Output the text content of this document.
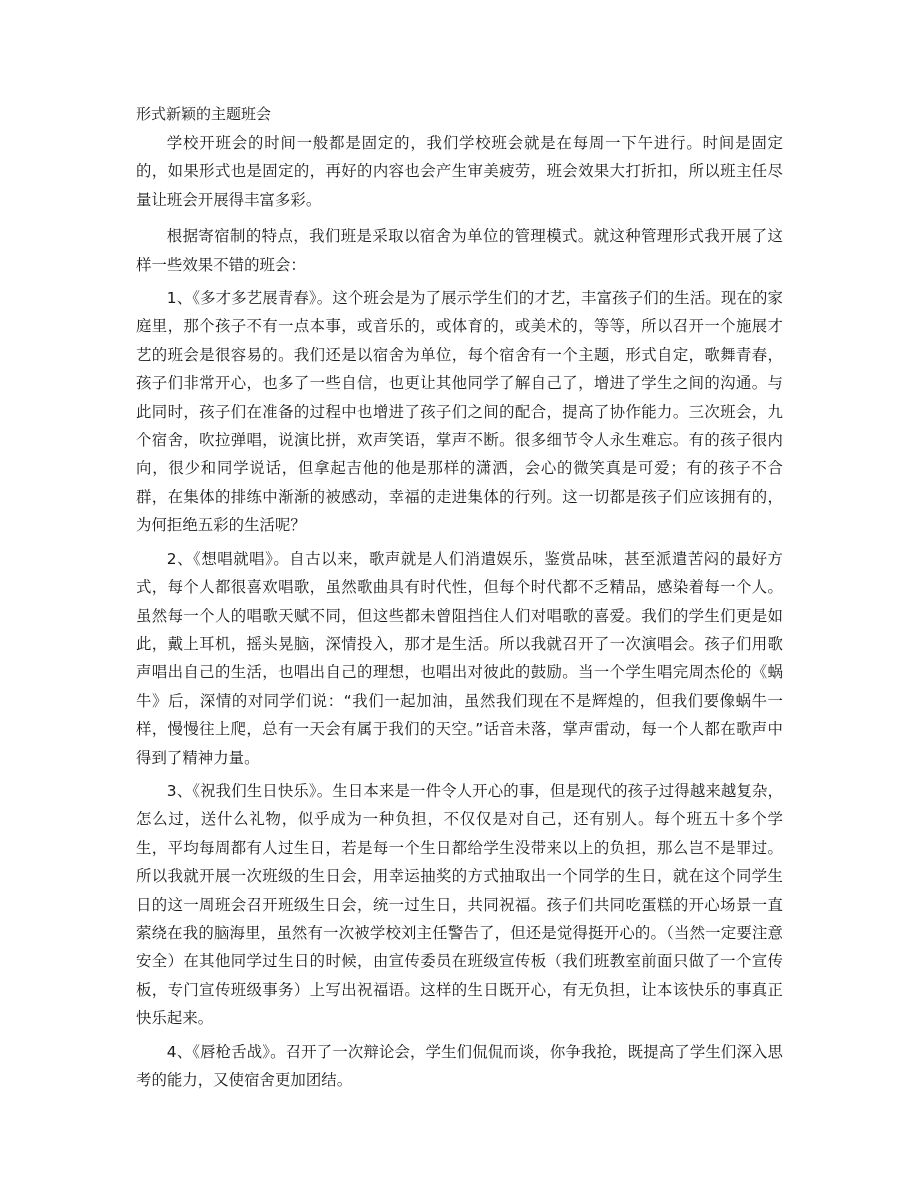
形式新颖的主题班会

学校开班会的时间一般都是固定的，我们学校班会就是在每周一下午进行。时间是固定的，如果形式也是固定的，再好的内容也会产生审美疲劳，班会效果大打折扣，所以班主任尽量让班会开展得丰富多彩。

根据寄宿制的特点，我们班是采取以宿舍为单位的管理模式。就这种管理形式我开展了这样一些效果不错的班会：

1、《多才多艺展青春》。这个班会是为了展示学生们的才艺，丰富孩子们的生活。现在的家庭里，那个孩子不有一点本事，或音乐的，或体育的，或美术的，等等，所以召开一个施展才艺的班会是很容易的。我们还是以宿舍为单位，每个宿舍有一个主题，形式自定，歌舞青春，孩子们非常开心，也多了一些自信，也更让其他同学了解自己了，增进了学生之间的沟通。与此同时，孩子们在准备的过程中也增进了孩子们之间的配合，提高了协作能力。三次班会，九个宿舍，吹拉弹唱，说演比拼，欢声笑语，掌声不断。很多细节令人永生难忘。有的孩子很内向，很少和同学说话，但拿起吉他的他是那样的潇洒，会心的微笑真是可爱；有的孩子不合群，在集体的排练中渐渐的被感动，幸福的走进集体的行列。这一切都是孩子们应该拥有的，为何拒绝五彩的生活呢？

2、《想唱就唱》。自古以来，歌声就是人们消遣娱乐，鉴赏品味，甚至派遣苦闷的最好方式，每个人都很喜欢唱歌，虽然歌曲具有时代性，但每个时代都不乏精品，感染着每一个人。虽然每一个人的唱歌天赋不同，但这些都未曾阻挡住人们对唱歌的喜爱。我们的学生们更是如此，戴上耳机，摇头晃脑，深情投入，那才是生活。所以我就召开了一次演唱会。孩子们用歌声唱出自己的生活，也唱出自己的理想，也唱出对彼此的鼓励。当一个学生唱完周杰伦的《蜗牛》后，深情的对同学们说：“我们一起加油，虽然我们现在不是辉煌的，但我们要像蜗牛一样，慢慢往上爬，总有一天会有属于我们的天空。”话音未落，掌声雷动，每一个人都在歌声中得到了精神力量。

3、《祝我们生日快乐》。生日本来是一件令人开心的事，但是现代的孩子过得越来越复杂，怎么过，送什么礼物，似乎成为一种负担，不仅仅是对自己，还有别人。每个班五十多个学生，平均每周都有人过生日，若是每一个生日都给学生没带来以上的负担，那么岂不是罪过。所以我就开展一次班级的生日会，用幸运抽奖的方式抽取出一个同学的生日，就在这个同学生日的这一周班会召开班级生日会，统一过生日，共同祝福。孩子们共同吃蛋糕的开心场景一直萦绕在我的脑海里，虽然有一次被学校刘主任警告了，但还是觉得挺开心的。（当然一定要注意安全）在其他同学过生日的时候，由宣传委员在班级宣传板（我们班教室前面只做了一个宣传板，专门宣传班级事务）上写出祝福语。这样的生日既开心，有无负担，让本该快乐的事真正快乐起来。

4、《唇枪舌战》。召开了一次辩论会，学生们侃侃而谈，你争我抢，既提高了学生们深入思考的能力，又使宿舍更加团结。
